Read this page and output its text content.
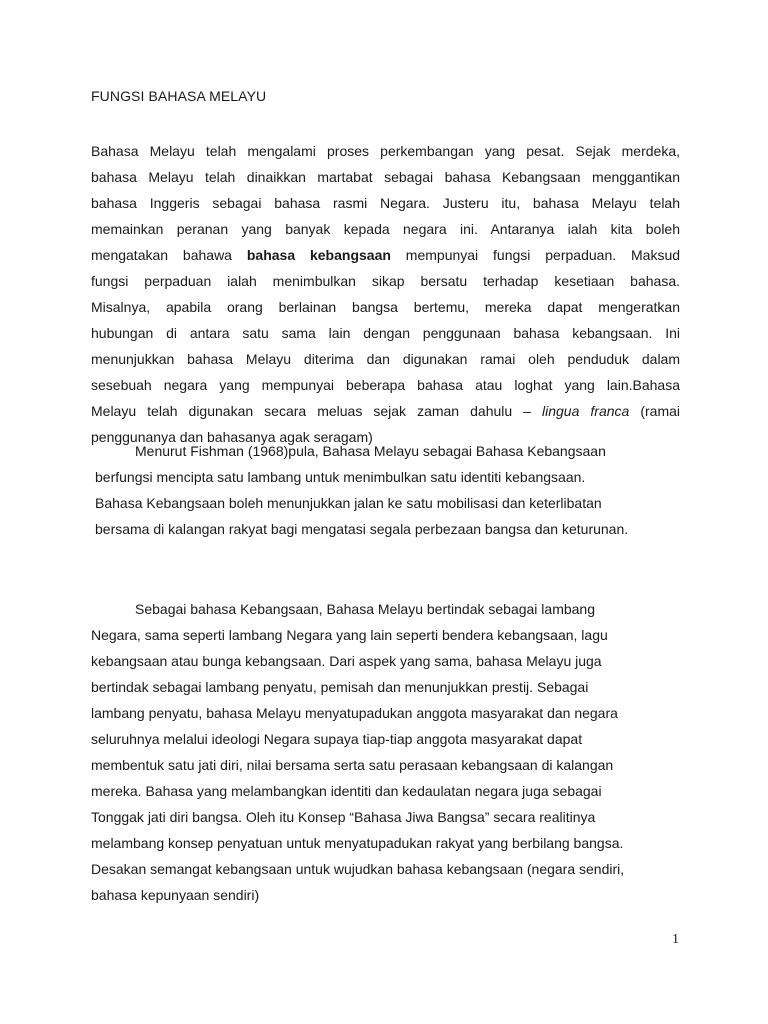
FUNGSI BAHASA MELAYU
Bahasa Melayu telah mengalami proses perkembangan yang pesat. Sejak merdeka,
bahasa Melayu telah dinaikkan martabat sebagai bahasa Kebangsaan menggantikan
bahasa Inggeris sebagai bahasa rasmi Negara. Justeru itu, bahasa Melayu telah
memainkan peranan yang banyak kepada negara ini. Antaranya ialah kita boleh
mengatakan bahawa bahasa kebangsaan mempunyai fungsi perpaduan. Maksud
fungsi perpaduan ialah menimbulkan sikap bersatu terhadap kesetiaan bahasa.
Misalnya, apabila orang berlainan bangsa bertemu, mereka dapat mengeratkan
hubungan di antara satu sama lain dengan penggunaan bahasa kebangsaan. Ini
menunjukkan bahasa Melayu diterima dan digunakan ramai oleh penduduk dalam
sesebuah negara yang mempunyai beberapa bahasa atau loghat yang lain.Bahasa
Melayu telah digunakan secara meluas sejak zaman dahulu – lingua franca (ramai
penggunanya dan bahasanya agak seragam)
Menurut Fishman (1968)pula, Bahasa Melayu sebagai Bahasa Kebangsaan
berfungsi mencipta satu lambang untuk menimbulkan satu identiti kebangsaan.
Bahasa Kebangsaan boleh menunjukkan jalan ke satu mobilisasi dan keterlibatan
bersama di kalangan rakyat bagi mengatasi segala perbezaan bangsa dan keturunan.
Sebagai bahasa Kebangsaan, Bahasa Melayu bertindak sebagai lambang
Negara, sama seperti lambang Negara yang lain seperti bendera kebangsaan, lagu
kebangsaan atau bunga kebangsaan. Dari aspek yang sama, bahasa Melayu juga
bertindak sebagai lambang penyatu, pemisah dan menunjukkan prestij. Sebagai
lambang penyatu, bahasa Melayu menyatupadukan anggota masyarakat dan negara
seluruhnya melalui ideologi Negara supaya tiap-tiap anggota masyarakat dapat
membentuk satu jati diri, nilai bersama serta satu perasaan kebangsaan di kalangan
mereka. Bahasa yang melambangkan identiti dan kedaulatan negara juga sebagai
Tonggak jati diri bangsa. Oleh itu Konsep “Bahasa Jiwa Bangsa” secara realitinya
melambang konsep penyatuan untuk menyatupadukan rakyat yang berbilang bangsa.
Desakan semangat kebangsaan untuk wujudkan bahasa kebangsaan (negara sendiri,
bahasa kepunyaan sendiri)
1
